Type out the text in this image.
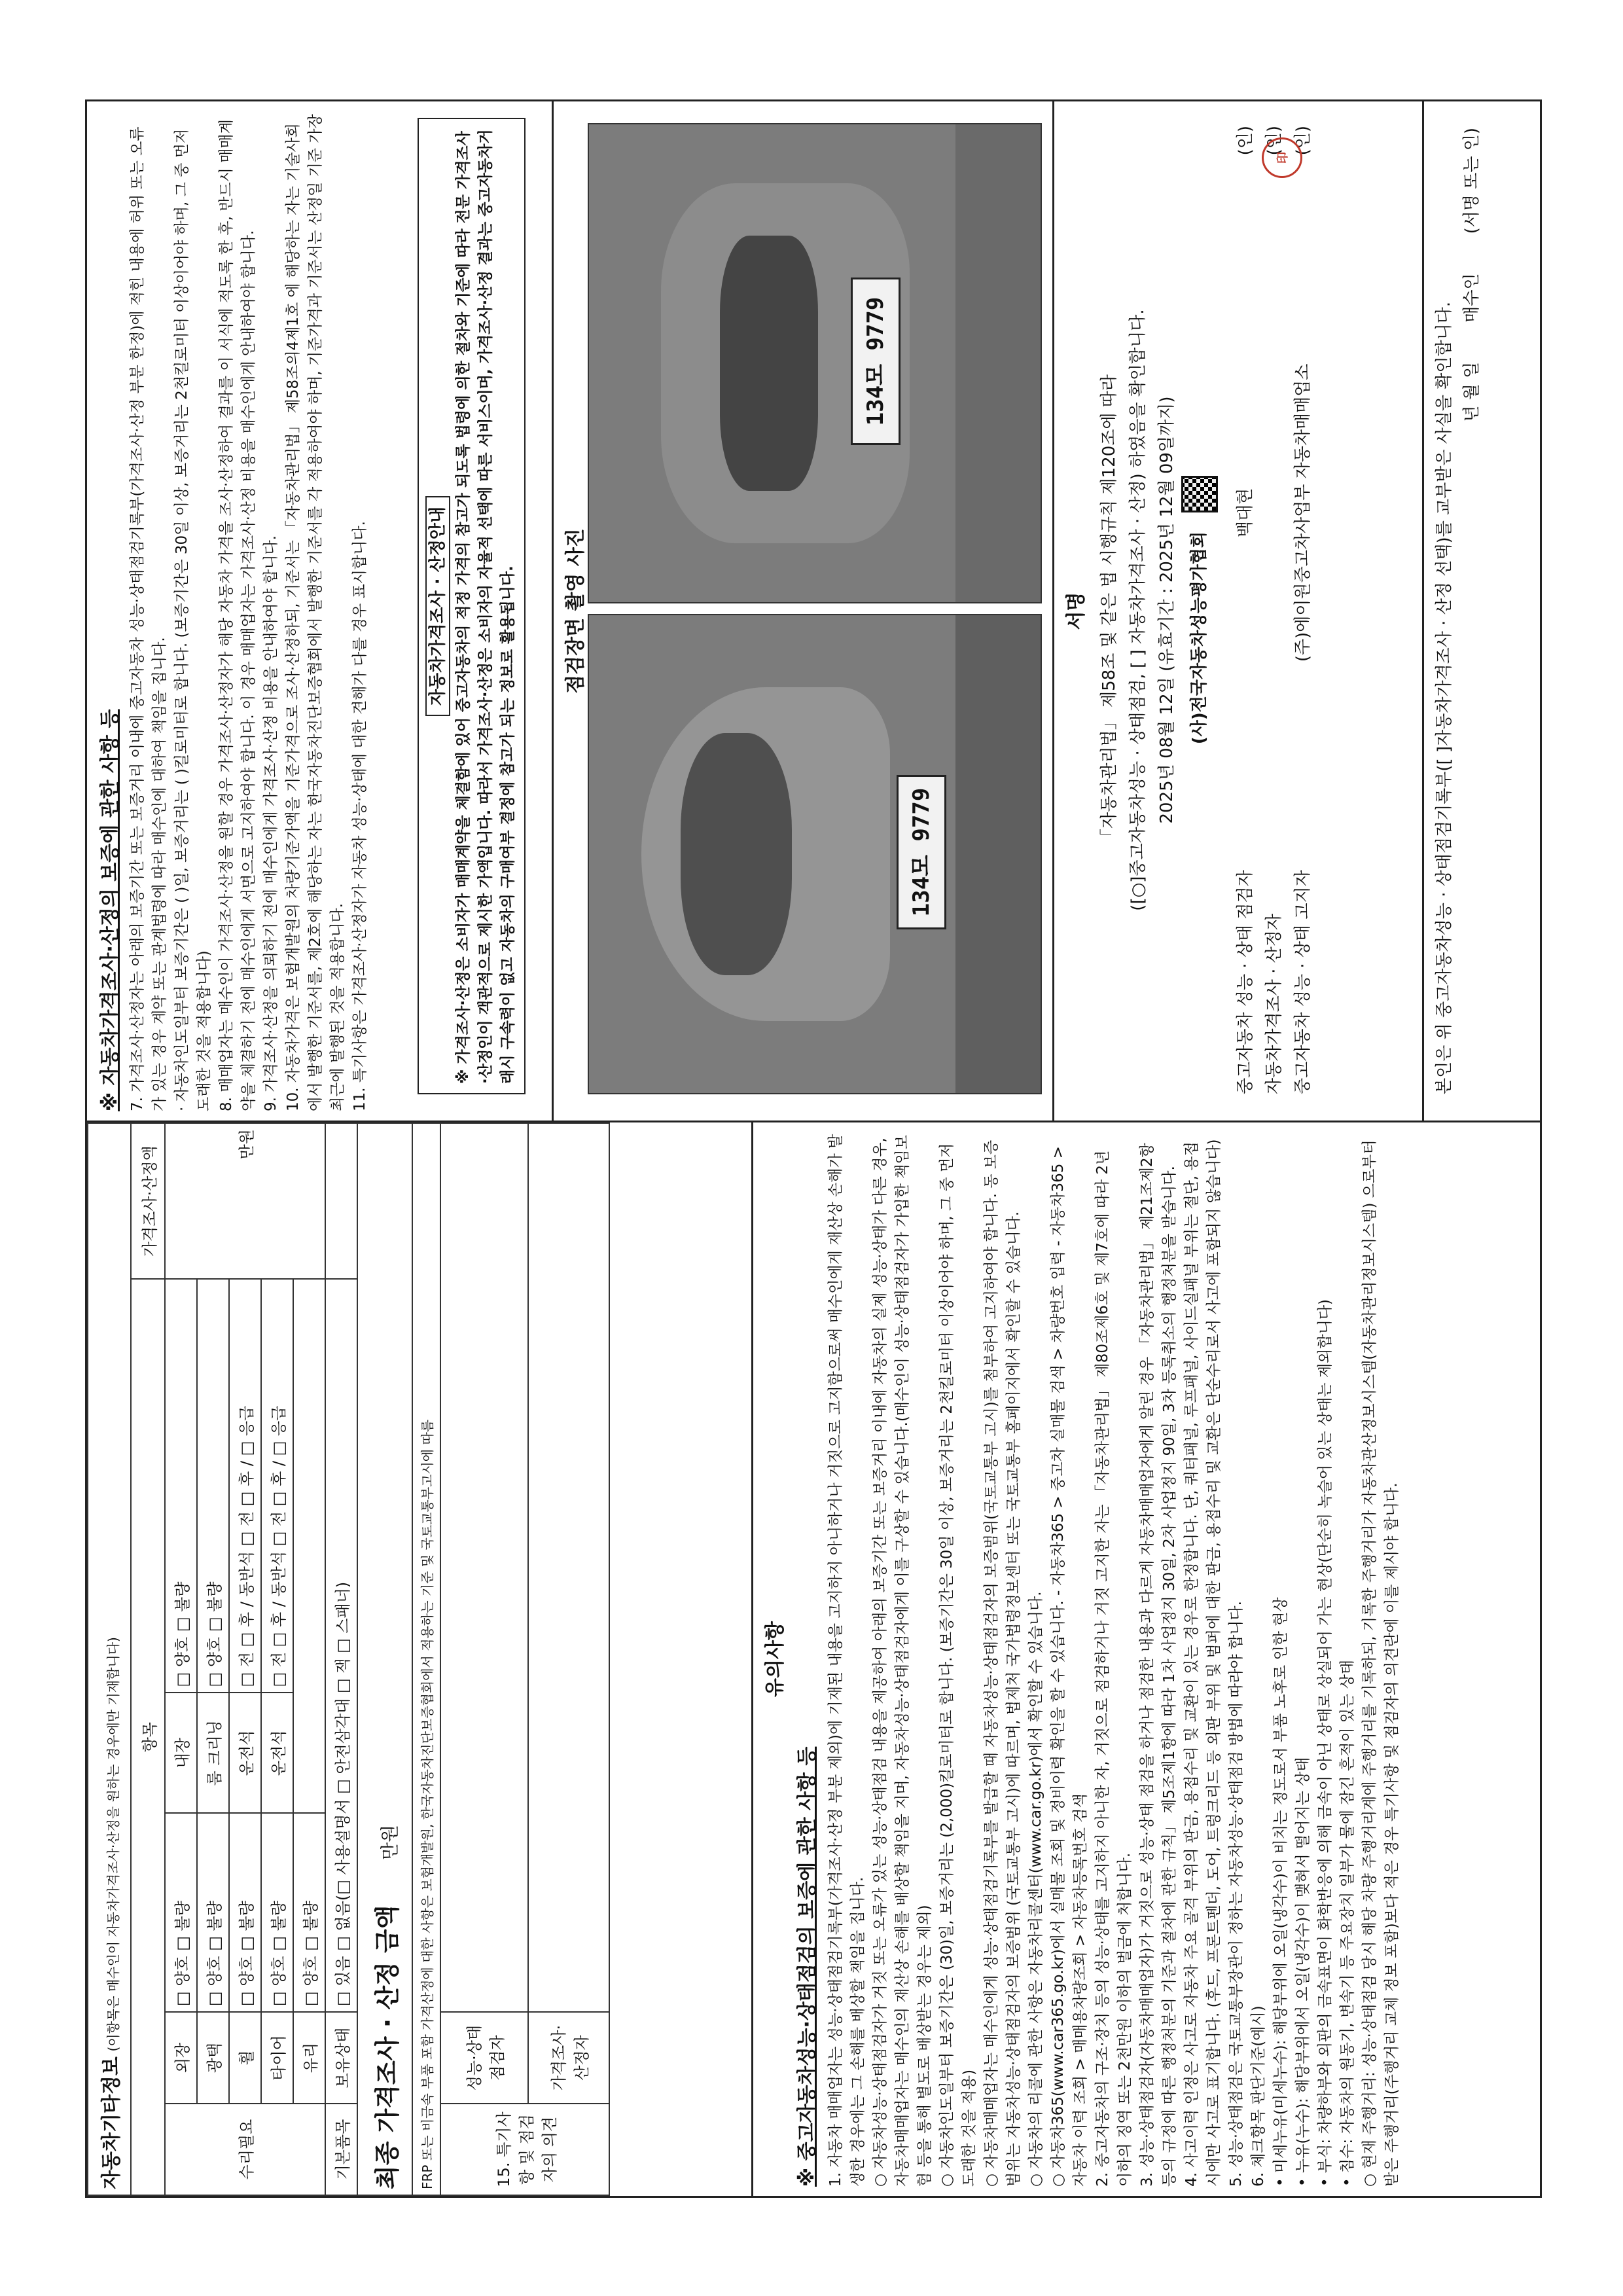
자동차기타정보 (이항목은 매수인이 자동차가격조사·산정을 원하는 경우에만 기재합니다)					
항목					가격조사·산정액
수리필요	외장	□ 양호 □ 불량	내장	□ 양호 □ 불량	만원
	광택	□ 양호 □ 불량	룸 크리닝	□ 양호 □ 불량	
	휠	□ 양호 □ 불량	운전석	□ 전 □ 후 / 동반석 □ 전 □ 후 / □ 응급	
	타이어	□ 양호 □ 불량	운전석	□ 전 □ 후 / 동반석 □ 전 □ 후 / □ 응급	
	유리	□ 양호 □ 불량			
기본품목	보유상태	□ 있음 □ 없음(□ 사용설명서 □ 안전삼각대 □ 잭 □ 스패너)			
최종 가격조사 · 산정 금액         만원					
FRP 또는 비금속 부품 포함 가격산정에 대한 사항은 보험개발원, 한국자동차진단보증협회에서 적용하는 기준 및 국토교통부고시에 따름					
15. 특기사항 및 점검자의 의견	성능·상태 점검자				
	가격조사·산정자				
유의사항

※ 중고자동차성능·상태점검의 보증에 관한 사항 등 1. 자동차 매매업자는 성능·상태점검기록부(가격조사·산정 부분 제외)에 기재된 내용을 고지하지 아니하거나 거짓으로 고지함으로써 매수인에게 재산상 손해가 발생한 경우에는 그 손해를 배상할 책임을 집니다. ○ 자동차성능·상태점검자가 거짓 또는 오류가 있는 성능·상태점검 내용을 제공하여 아래의 보증기간 또는 보증거리 이내에 자동차의 실제 성능·상태가 다른 경우, 자동차매매업자는 매수인의 재산상 손해를 배상할 책임을 지며, 자동차성능·상태점검자에게 이를 구상할 수 있습니다.(매수인이 성능·상태점검자가 가입한 책임보험 등을 통해 별도로 배상받는 경우는 제외) ○ 자동차인도일부터 보증기간은 (30)일, 보증거리는 (2,000)킬로미터로 합니다. (보증기간은 30일 이상, 보증거리는 2천킬로미터 이상이어야 하며, 그 중 먼저 도래한 것을 적용) ○ 자동차매매업자는 매수인에게 성능·상태점검기록부를 발급할 때 자동차성능·상태점검자의 보증범위(국토교통부 고시)를 첨부하여 고지하여야 합니다. 동 보증범위는 자동차성능·상태점검자의 보증범위 (국토교통부 고시)에 따르며, 법제처 국가법령정보센터 또는 국토교통부 홈페이지에서 확인할 수 있습니다. ○ 자동차의 리콜에 관한 사항은 자동차리콜센터(www.car.go.kr)에서 확인할 수 있습니다. ○ 자동차365(www.car365.go.kr)에서 실매물 조회 및 정비이력 확인을 할 수 있습니다. - 자동차365 > 중고차 실매물 검색 > 차량번호 입력 - 자동차365 > 자동차 이력 조회 > 매매용차량조회 > 자동차등록번호 검색 2. 중고자동차의 구조·장치 등의 성능·상태를 고지하지 아니한 자, 거짓으로 점검하거나 거짓 고지한 자는 「자동차관리법」 제80조제6호 및 제7호에 따라 2년 이하의 징역 또는 2천만원 이하의 벌금에 처합니다. 3. 성능·상태점검자(자동차매매업자)가 거짓으로 성능·상태 점검을 하거나 점검한 내용과 다르게 자동차매매업자에게 알린 경우 「자동차관리법」 제21조제2항 등의 규정에 따른 행정처분의 기준과 절차에 관한 규칙」 제5조제1항에 따라 1차 사업정지 30일, 2차 사업정지 90일, 3차 등록취소의 행정처분을 받습니다. 4. 사고이력 인정은 사고로 자동차 주요 골격 부위의 판금, 용접수리 및 교환이 있는 경우로 한정합니다. 단, 쿼터패널, 루프패널, 사이드실패널 부위는 절단, 용접 시에만 사고로 표기합니다. (후드, 프론트펜더, 도어, 트렁크리드 등 외판 부위 및 범퍼에 대한 판금, 용접수리 및 교환은 단순수리로서 사고에 포함되지 않습니다) 5. 성능·상태점검은 국토교통부장관이 정하는 자동차성능·상태점검 방법에 따라야 합니다. 6. 체크항목 판단기준(예시) • 미세누유(미세누수): 해당부위에 오일(냉각수)이 비치는 정도로서 부품 노후로 인한 현상 • 누유(누수): 해당부위에서 오일(냉각수)이 맺혀서 떨어지는 상태 • 부식: 차량하부와 외판의 금속표면이 화학반응에 의해 금속이 아닌 상태로 상실되어 가는 현상(단순히 녹슬어 있는 상태는 제외합니다) • 침수: 자동차의 원동기, 변속기 등 주요장치 일부가 물에 잠긴 흔적이 있는 상태 ○ 현재 주행거리: 성능·상태점검 당시 해당 차량 주행거리계에 주행거리를 기록하되, 기록한 주행거리가 자동차관산정보시스템(자동차관리정보시스템) 으로부터 받은 주행거리(주행거리 교체 정보 포함)보다 적은 경우 특기사항 및 점검자의 의견란에 이를 제시야 합니다.

※ 자동차가격조사·산정의 보증에 관한 사항 등 7. 가격조사·산정자는 아래의 보증기간 또는 보증거리 이내에 중고자동차 성능·상태점검기록부(가격조사·산정 부분 한정)에 적힌 내용에 허위 또는 오류가 있는 경우 계약 또는 관계법령에 따라 매수인에 대하여 책임을 집니다. · 자동차인도일부터 보증기간은 ( )일, 보증거리는 ( )킬로미터로 합니다. (보증기간은 30일 이상, 보증거리는 2천킬로미터 이상이어야 하며, 그 중 먼저 도래한 것을 적용합니다) 8. 매매업자는 매수인이 가격조사·산정을 원할 경우 가격조사·산정자가 해당 자동차 가격을 조사·산정하여 결과를 이 서식에 적도록 한 후, 반드시 매매계약을 체결하기 전에 매수인에게 서면으로 고지하여야 합니다. 이 경우 매매업자는 가격조사·산정 비용을 매수인에게 안내하여야 합니다. 9. 가격조사·산정을 의뢰하기 전에 매수인에게 가격조사·산정 비용을 안내하여야 합니다. 10. 자동차가격은 보험개발원의 차량기준가액을 기준가격으로 조사·산정하되, 기준서는 「자동차관리법」 제58조의4제1호 에 해당하는 자는 기술사회에서 발행한 기준서를, 제2호에 해당하는 자는 한국자동차진단보증협회에서 발행한 기준서를 각 적용하여야 하며, 기준가격과 기준서는 산정일 기준 가장 최근에 발행된 것을 적용합니다. 11. 특기사항은 가격조사·산정자가 자동차 성능·상태에 대한 견해가 다를 경우 표시합니다.	자동차가격조사 · 산정안내 ※ 가격조사·산정은 소비자가 매매계약을 체결함에 있어 중고자동차의 적정 가격의 참고가 되도록 법령에 의한 절차와 기준에 따라 전문 가격조사·산정인이 객관적으로 제시한 가액입니다. 따라서 가격조사·산정은 소비자의 자율적 선택에 따른 서비스이며, 가격조사·산정 결과는 중고자동차거래시 구속력이 없고 자동차의 구매여부 결정에 참고가 되는 정보로 활용됩니다.	점검장면 촬영 사진
134모 9779
134모 9779
서명 「자동차관리법」 제58조 및 같은 법 시행규칙 제120조에 따라 ([○]중고자동차성능 · 상태점검, [ ] 자동차가격조사 · 산정) 하였음을 확인합니다. 2025년 08월 12일 (유효기간 : 2025년 12월 09일까지) (사)전국자동차성능평가협회
중고자동차 성능 · 상태 점검자
백대현
(인)
자동차가격조사 · 산정자
(인)
중고자동차 성능 · 상태 고지자
(주)에이원중고차사업부 자동차매매업소
(인)
印
본인은 위 중고자동차성능 · 상태점검기록부([ ]자동차가격조사 · 산정 선택)를 교부받은 사실을 확인합니다. 년 월 일
매수인
(서명 또는 인)
